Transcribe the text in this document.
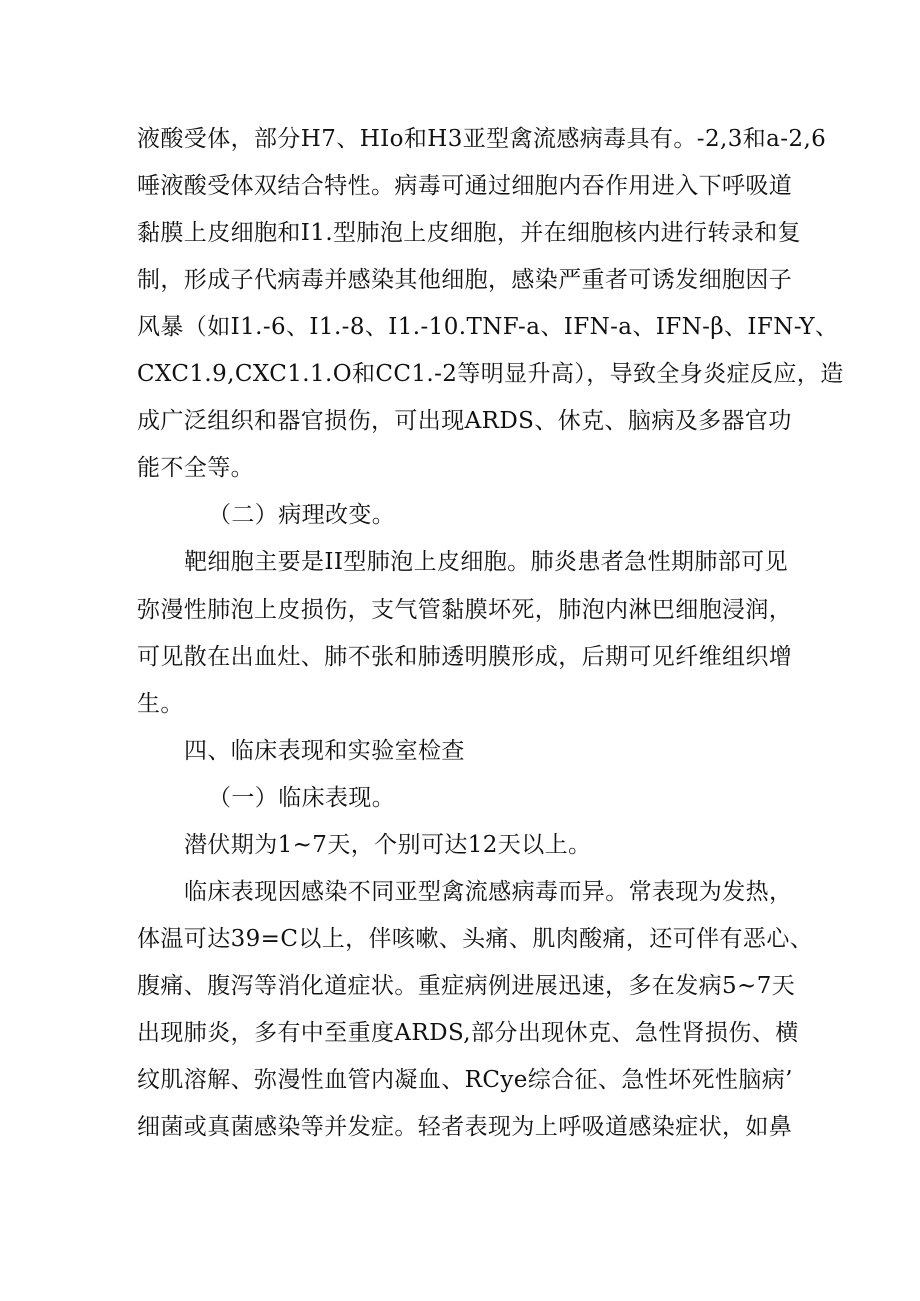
液酸受体，部分H7、HIo和H3亚型禽流感病毒具有。-2,3和a-2,6
唾液酸受体双结合特性。病毒可通过细胞内吞作用进入下呼吸道
黏膜上皮细胞和I1.型肺泡上皮细胞，并在细胞核内进行转录和复
制，形成子代病毒并感染其他细胞，感染严重者可诱发细胞因子
风暴（如I1.-6、I1.-8、I1.-10.TNF-a、IFN-a、IFN-β、IFN-Y、
CXC1.9,CXC1.1.O和CC1.-2等明显升高），导致全身炎症反应，造
成广泛组织和器官损伤，可出现ARDS、休克、脑病及多器官功
能不全等。
（二）病理改变。
靶细胞主要是II型肺泡上皮细胞。肺炎患者急性期肺部可见
弥漫性肺泡上皮损伤，支气管黏膜坏死，肺泡内淋巴细胞浸润，
可见散在出血灶、肺不张和肺透明膜形成，后期可见纤维组织增
生。
四、临床表现和实验室检查
（一）临床表现。
潜伏期为1~7天，个别可达12天以上。
临床表现因感染不同亚型禽流感病毒而异。常表现为发热，
体温可达39=C以上，伴咳嗽、头痛、肌肉酸痛，还可伴有恶心、
腹痛、腹泻等消化道症状。重症病例进展迅速，多在发病5~7天
出现肺炎，多有中至重度ARDS,部分出现休克、急性肾损伤、横
纹肌溶解、弥漫性血管内凝血、RCye综合征、急性坏死性脑病’
细菌或真菌感染等并发症。轻者表现为上呼吸道感染症状，如鼻
